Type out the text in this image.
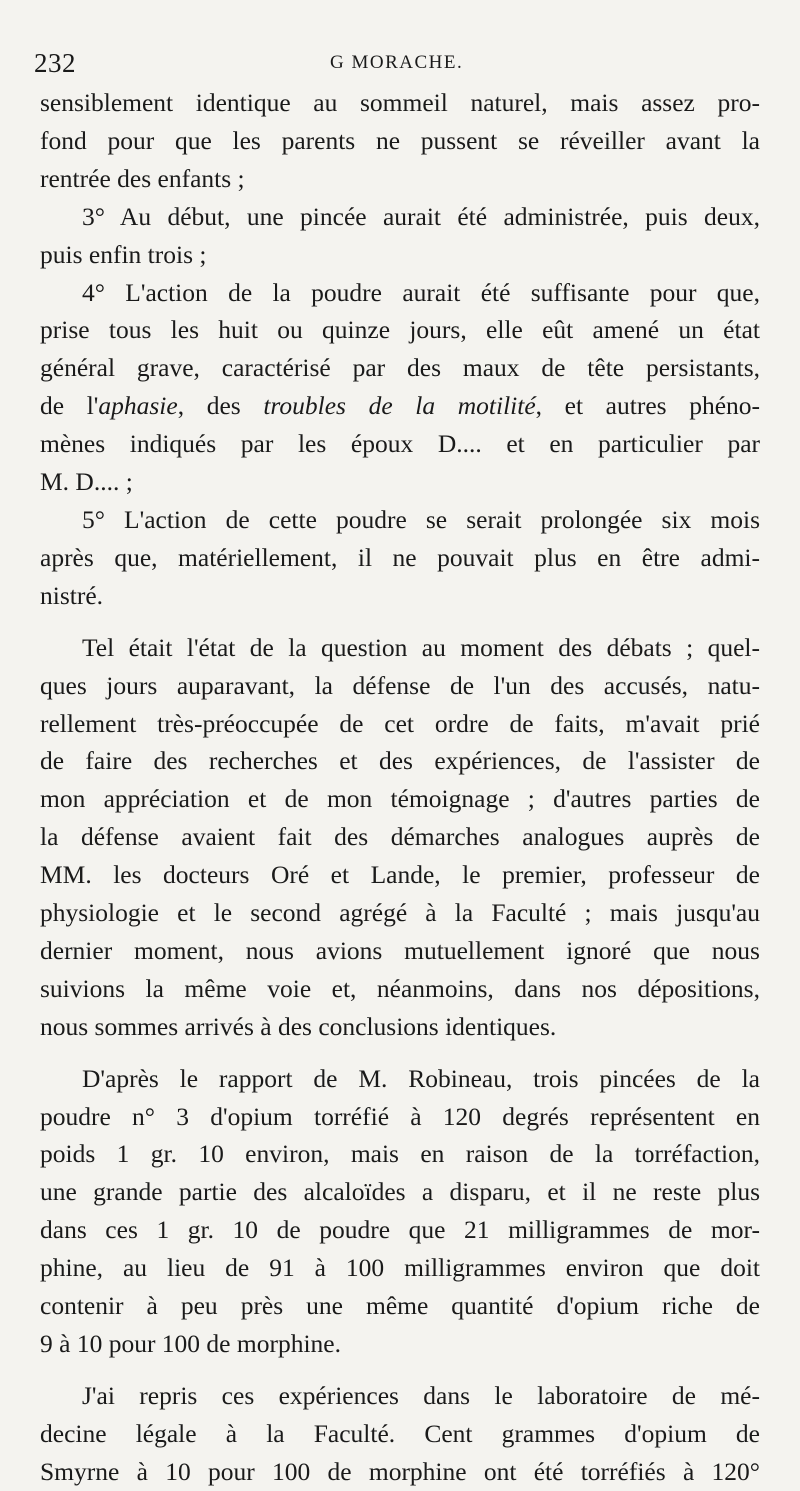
232	G MORACHE.

sensiblement identique au sommeil naturel, mais assez pro-
fond pour que les parents ne pussent se réveiller avant la
rentrée des enfants ;

3° Au début, une pincée aurait été administrée, puis deux,
puis enfin trois ;

4° L'action de la poudre aurait été suffisante pour que,
prise tous les huit ou quinze jours, elle eût amené un état
général grave, caractérisé par des maux de tête persistants,
de l'aphasie, des troubles de la motilité, et autres phéno-
mènes indiqués par les époux D.... et en particulier par
M. D.... ;

5° L'action de cette poudre se serait prolongée six mois
après que, matériellement, il ne pouvait plus en être admi-
nistré.

Tel était l'état de la question au moment des débats ; quel-
ques jours auparavant, la défense de l'un des accusés, natu-
rellement très-préoccupée de cet ordre de faits, m'avait prié
de faire des recherches et des expériences, de l'assister de
mon appréciation et de mon témoignage ; d'autres parties de
la défense avaient fait des démarches analogues auprès de
MM. les docteurs Oré et Lande, le premier, professeur de
physiologie et le second agrégé à la Faculté ; mais jusqu'au
dernier moment, nous avions mutuellement ignoré que nous
suivions la même voie et, néanmoins, dans nos dépositions,
nous sommes arrivés à des conclusions identiques.

D'après le rapport de M. Robineau, trois pincées de la
poudre n° 3 d'opium torréfié à 120 degrés représentent en
poids 1 gr. 10 environ, mais en raison de la torréfaction,
une grande partie des alcaloïdes a disparu, et il ne reste plus
dans ces 1 gr. 10 de poudre que 21 milligrammes de mor-
phine, au lieu de 91 à 100 milligrammes environ que doit
contenir à peu près une même quantité d'opium riche de
9 à 10 pour 100 de morphine.

J'ai repris ces expériences dans le laboratoire de mé-
decine légale à la Faculté. Cent grammes d'opium de
Smyrne à 10 pour 100 de morphine ont été torréfiés à 120°
